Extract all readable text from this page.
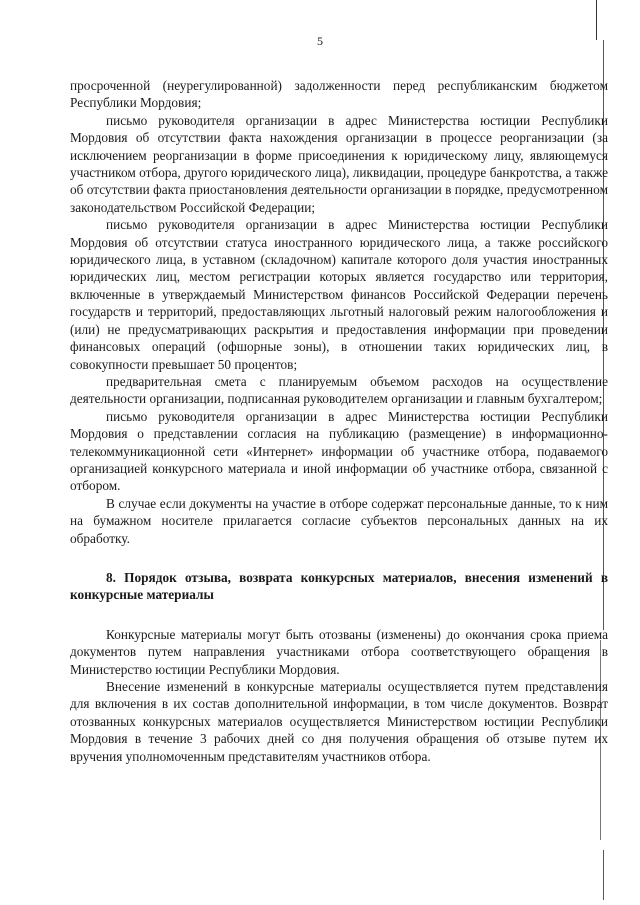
5

просроченной (неурегулированной) задолженности перед республиканским бюджетом Республики Мордовия;

письмо руководителя организации в адрес Министерства юстиции Республики Мордовия об отсутствии факта нахождения организации в процессе реорганизации (за исключением реорганизации в форме присоединения к юридическому лицу, являющемуся участником отбора, другого юридического лица), ликвидации, процедуре банкротства, а также об отсутствии факта приостановления деятельности организации в порядке, предусмотренном законодательством Российской Федерации;

письмо руководителя организации в адрес Министерства юстиции Республики Мордовия об отсутствии статуса иностранного юридического лица, а также российского юридического лица, в уставном (складочном) капитале которого доля участия иностранных юридических лиц, местом регистрации которых является государство или территория, включенные в утверждаемый Министерством финансов Российской Федерации перечень государств и территорий, предоставляющих льготный налоговый режим налогообложения и (или) не предусматривающих раскрытия и предоставления информации при проведении финансовых операций (офшорные зоны), в отношении таких юридических лиц, в совокупности превышает 50 процентов;

предварительная смета с планируемым объемом расходов на осуществление деятельности организации, подписанная руководителем организации и главным бухгалтером;

письмо руководителя организации в адрес Министерства юстиции Республики Мордовия о представлении согласия на публикацию (размещение) в информационно-телекоммуникационной сети «Интернет» информации об участнике отбора, подаваемого организацией конкурсного материала и иной информации об участнике отбора, связанной с отбором.

В случае если документы на участие в отборе содержат персональные данные, то к ним на бумажном носителе прилагается согласие субъектов персональных данных на их обработку.

8. Порядок отзыва, возврата конкурсных материалов, внесения изменений в конкурсные материалы

Конкурсные материалы могут быть отозваны (изменены) до окончания срока приема документов путем направления участниками отбора соответствующего обращения в Министерство юстиции Республики Мордовия.

Внесение изменений в конкурсные материалы осуществляется путем представления для включения в их состав дополнительной информации, в том числе документов. Возврат отозванных конкурсных материалов осуществляется Министерством юстиции Республики Мордовия в течение 3 рабочих дней со дня получения обращения об отзыве путем их вручения уполномоченным представителям участников отбора.
